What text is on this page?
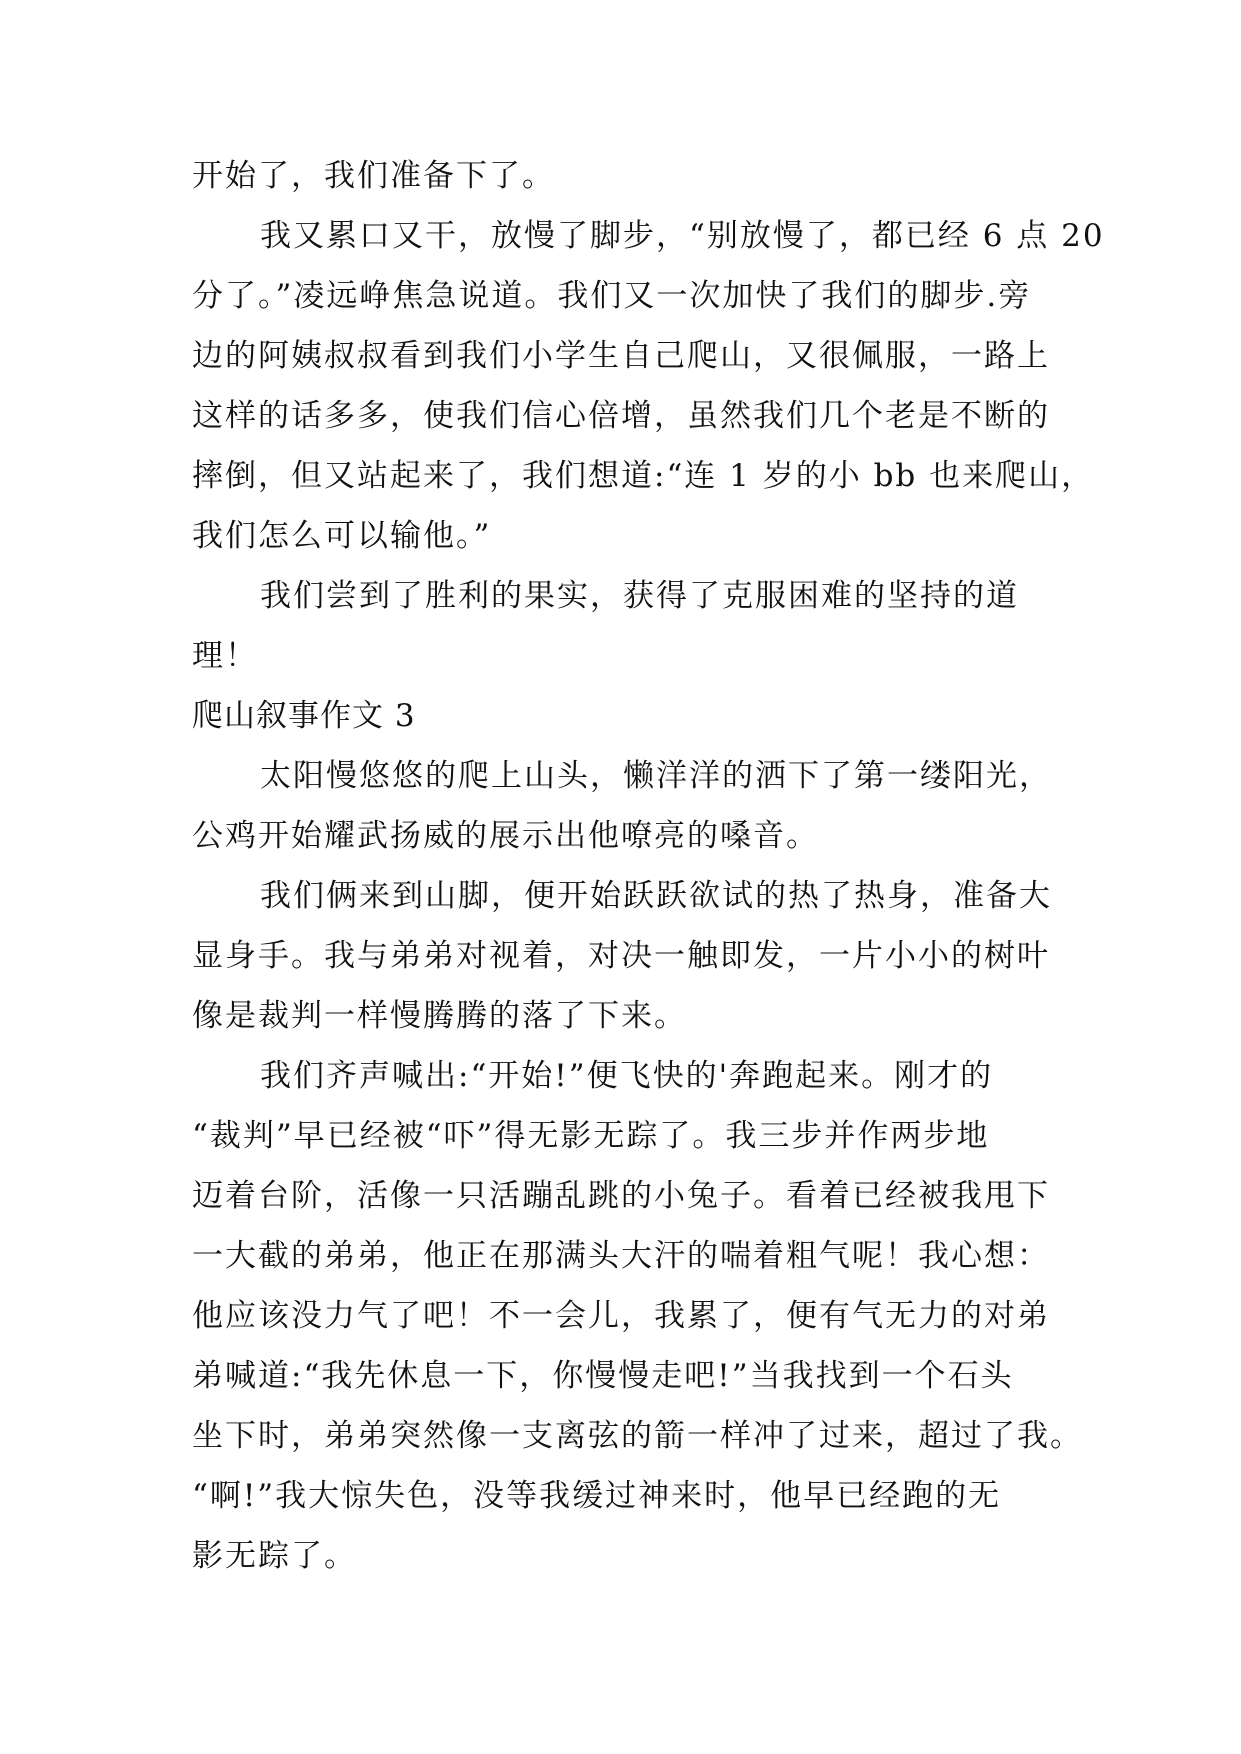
开始了，我们准备下了。
我又累口又干，放慢了脚步，“别放慢了，都已经 6 点 20
分了。”凌远峥焦急说道。我们又一次加快了我们的脚步.旁
边的阿姨叔叔看到我们小学生自己爬山，又很佩服，一路上
这样的话多多，使我们信心倍增，虽然我们几个老是不断的
摔倒，但又站起来了，我们想道:“连 1 岁的小 bb 也来爬山，
我们怎么可以输他。”
我们尝到了胜利的果实，获得了克服困难的坚持的道
理！
爬山叙事作文 3
太阳慢悠悠的爬上山头，懒洋洋的洒下了第一缕阳光，
公鸡开始耀武扬威的展示出他嘹亮的嗓音。
我们俩来到山脚，便开始跃跃欲试的热了热身，准备大
显身手。我与弟弟对视着，对决一触即发，一片小小的树叶
像是裁判一样慢腾腾的落了下来。
我们齐声喊出:“开始!”便飞快的'奔跑起来。刚才的
“裁判”早已经被“吓”得无影无踪了。我三步并作两步地
迈着台阶，活像一只活蹦乱跳的小兔子。看着已经被我甩下
一大截的弟弟，他正在那满头大汗的喘着粗气呢！我心想：
他应该没力气了吧！不一会儿，我累了，便有气无力的对弟
弟喊道:“我先休息一下，你慢慢走吧!”当我找到一个石头
坐下时，弟弟突然像一支离弦的箭一样冲了过来，超过了我。
“啊!”我大惊失色，没等我缓过神来时，他早已经跑的无
影无踪了。
